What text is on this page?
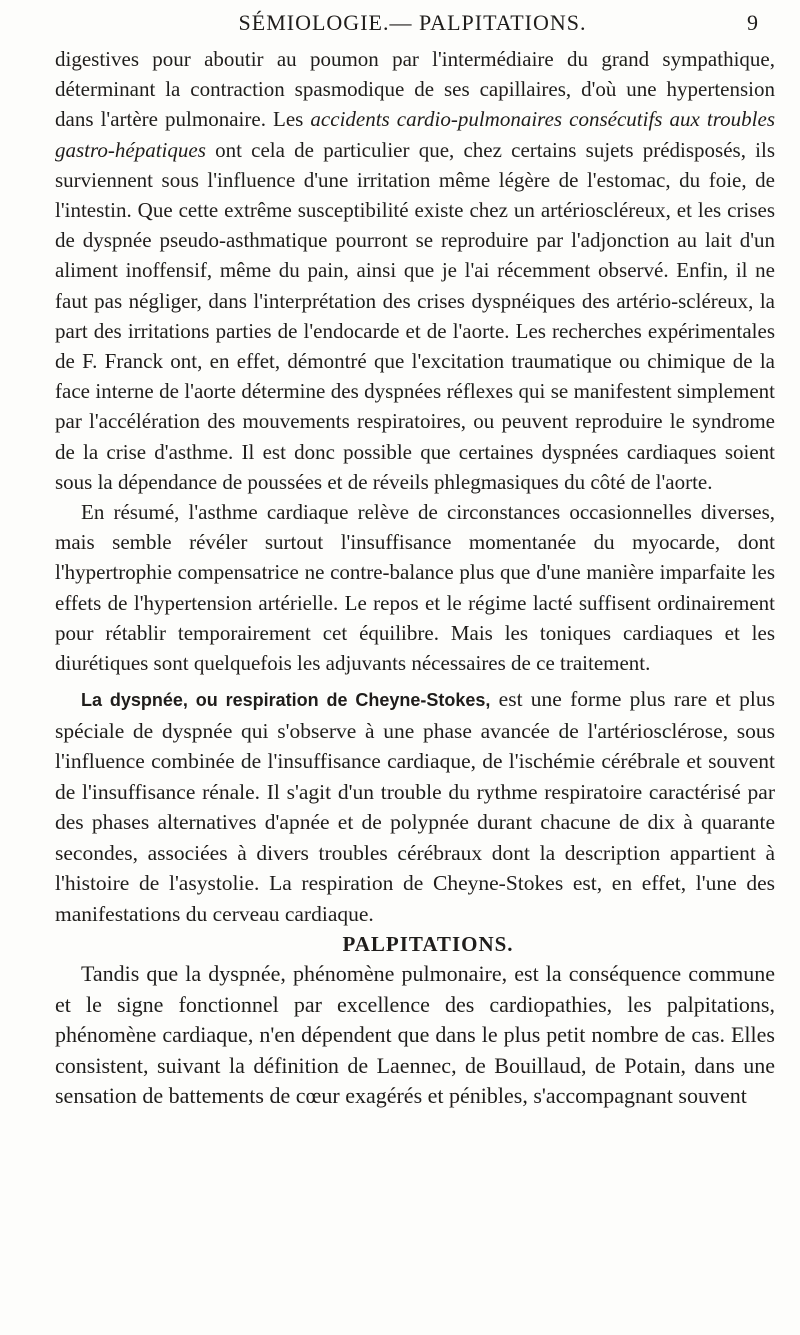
SÉMIOLOGIE.— PALPITATIONS.	9

digestives pour aboutir au poumon par l'intermédiaire du grand sympathique, déterminant la contraction spasmodique de ses capillaires, d'où une hypertension dans l'artère pulmonaire. Les accidents cardio-pulmonaires consécutifs aux troubles gastro-hépatiques ont cela de particulier que, chez certains sujets prédisposés, ils surviennent sous l'influence d'une irritation même légère de l'estomac, du foie, de l'intestin. Que cette extrême susceptibilité existe chez un artérioscléreux, et les crises de dyspnée pseudo-asthmatique pourront se reproduire par l'adjonction au lait d'un aliment inoffensif, même du pain, ainsi que je l'ai récemment observé. Enfin, il ne faut pas négliger, dans l'interprétation des crises dyspnéiques des artério-scléreux, la part des irritations parties de l'endocarde et de l'aorte. Les recherches expérimentales de F. Franck ont, en effet, démontré que l'excitation traumatique ou chimique de la face interne de l'aorte détermine des dyspnées réflexes qui se manifestent simplement par l'accélération des mouvements respiratoires, ou peuvent reproduire le syndrome de la crise d'asthme. Il est donc possible que certaines dyspnées cardiaques soient sous la dépendance de poussées et de réveils phlegmasiques du côté de l'aorte.

En résumé, l'asthme cardiaque relève de circonstances occasionnelles diverses, mais semble révéler surtout l'insuffisance momentanée du myocarde, dont l'hypertrophie compensatrice ne contre-balance plus que d'une manière imparfaite les effets de l'hypertension artérielle. Le repos et le régime lacté suffisent ordinairement pour rétablir temporairement cet équilibre. Mais les toniques cardiaques et les diurétiques sont quelquefois les adjuvants nécessaires de ce traitement.

La dyspnée, ou respiration de Cheyne-Stokes, est une forme plus rare et plus spéciale de dyspnée qui s'observe à une phase avancée de l'artériosclérose, sous l'influence combinée de l'insuffisance cardiaque, de l'ischémie cérébrale et souvent de l'insuffisance rénale. Il s'agit d'un trouble du rythme respiratoire caractérisé par des phases alternatives d'apnée et de polypnée durant chacune de dix à quarante secondes, associées à divers troubles cérébraux dont la description appartient à l'histoire de l'asystolie. La respiration de Cheyne-Stokes est, en effet, l'une des manifestations du cerveau cardiaque.

PALPITATIONS.

Tandis que la dyspnée, phénomène pulmonaire, est la conséquence commune et le signe fonctionnel par excellence des cardiopathies, les palpitations, phénomène cardiaque, n'en dépendent que dans le plus petit nombre de cas. Elles consistent, suivant la définition de Laennec, de Bouillaud, de Potain, dans une sensation de battements de cœur exagérés et pénibles, s'accompagnant souvent
